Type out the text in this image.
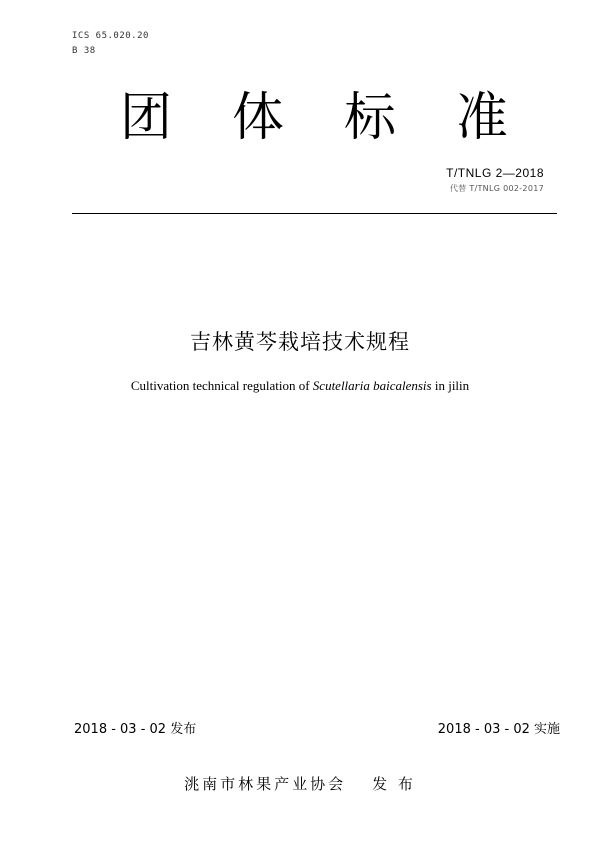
ICS 65.020.20
B 38
团 体 标 准
T/TNLG 2—2018
代替 T/TNLG 002-2017
吉林黄芩栽培技术规程
Cultivation technical regulation of Scutellaria baicalensis in jilin
2018 - 03 - 02 发布	2018 - 03 - 02 实施
洮南市林果产业协会 发 布
